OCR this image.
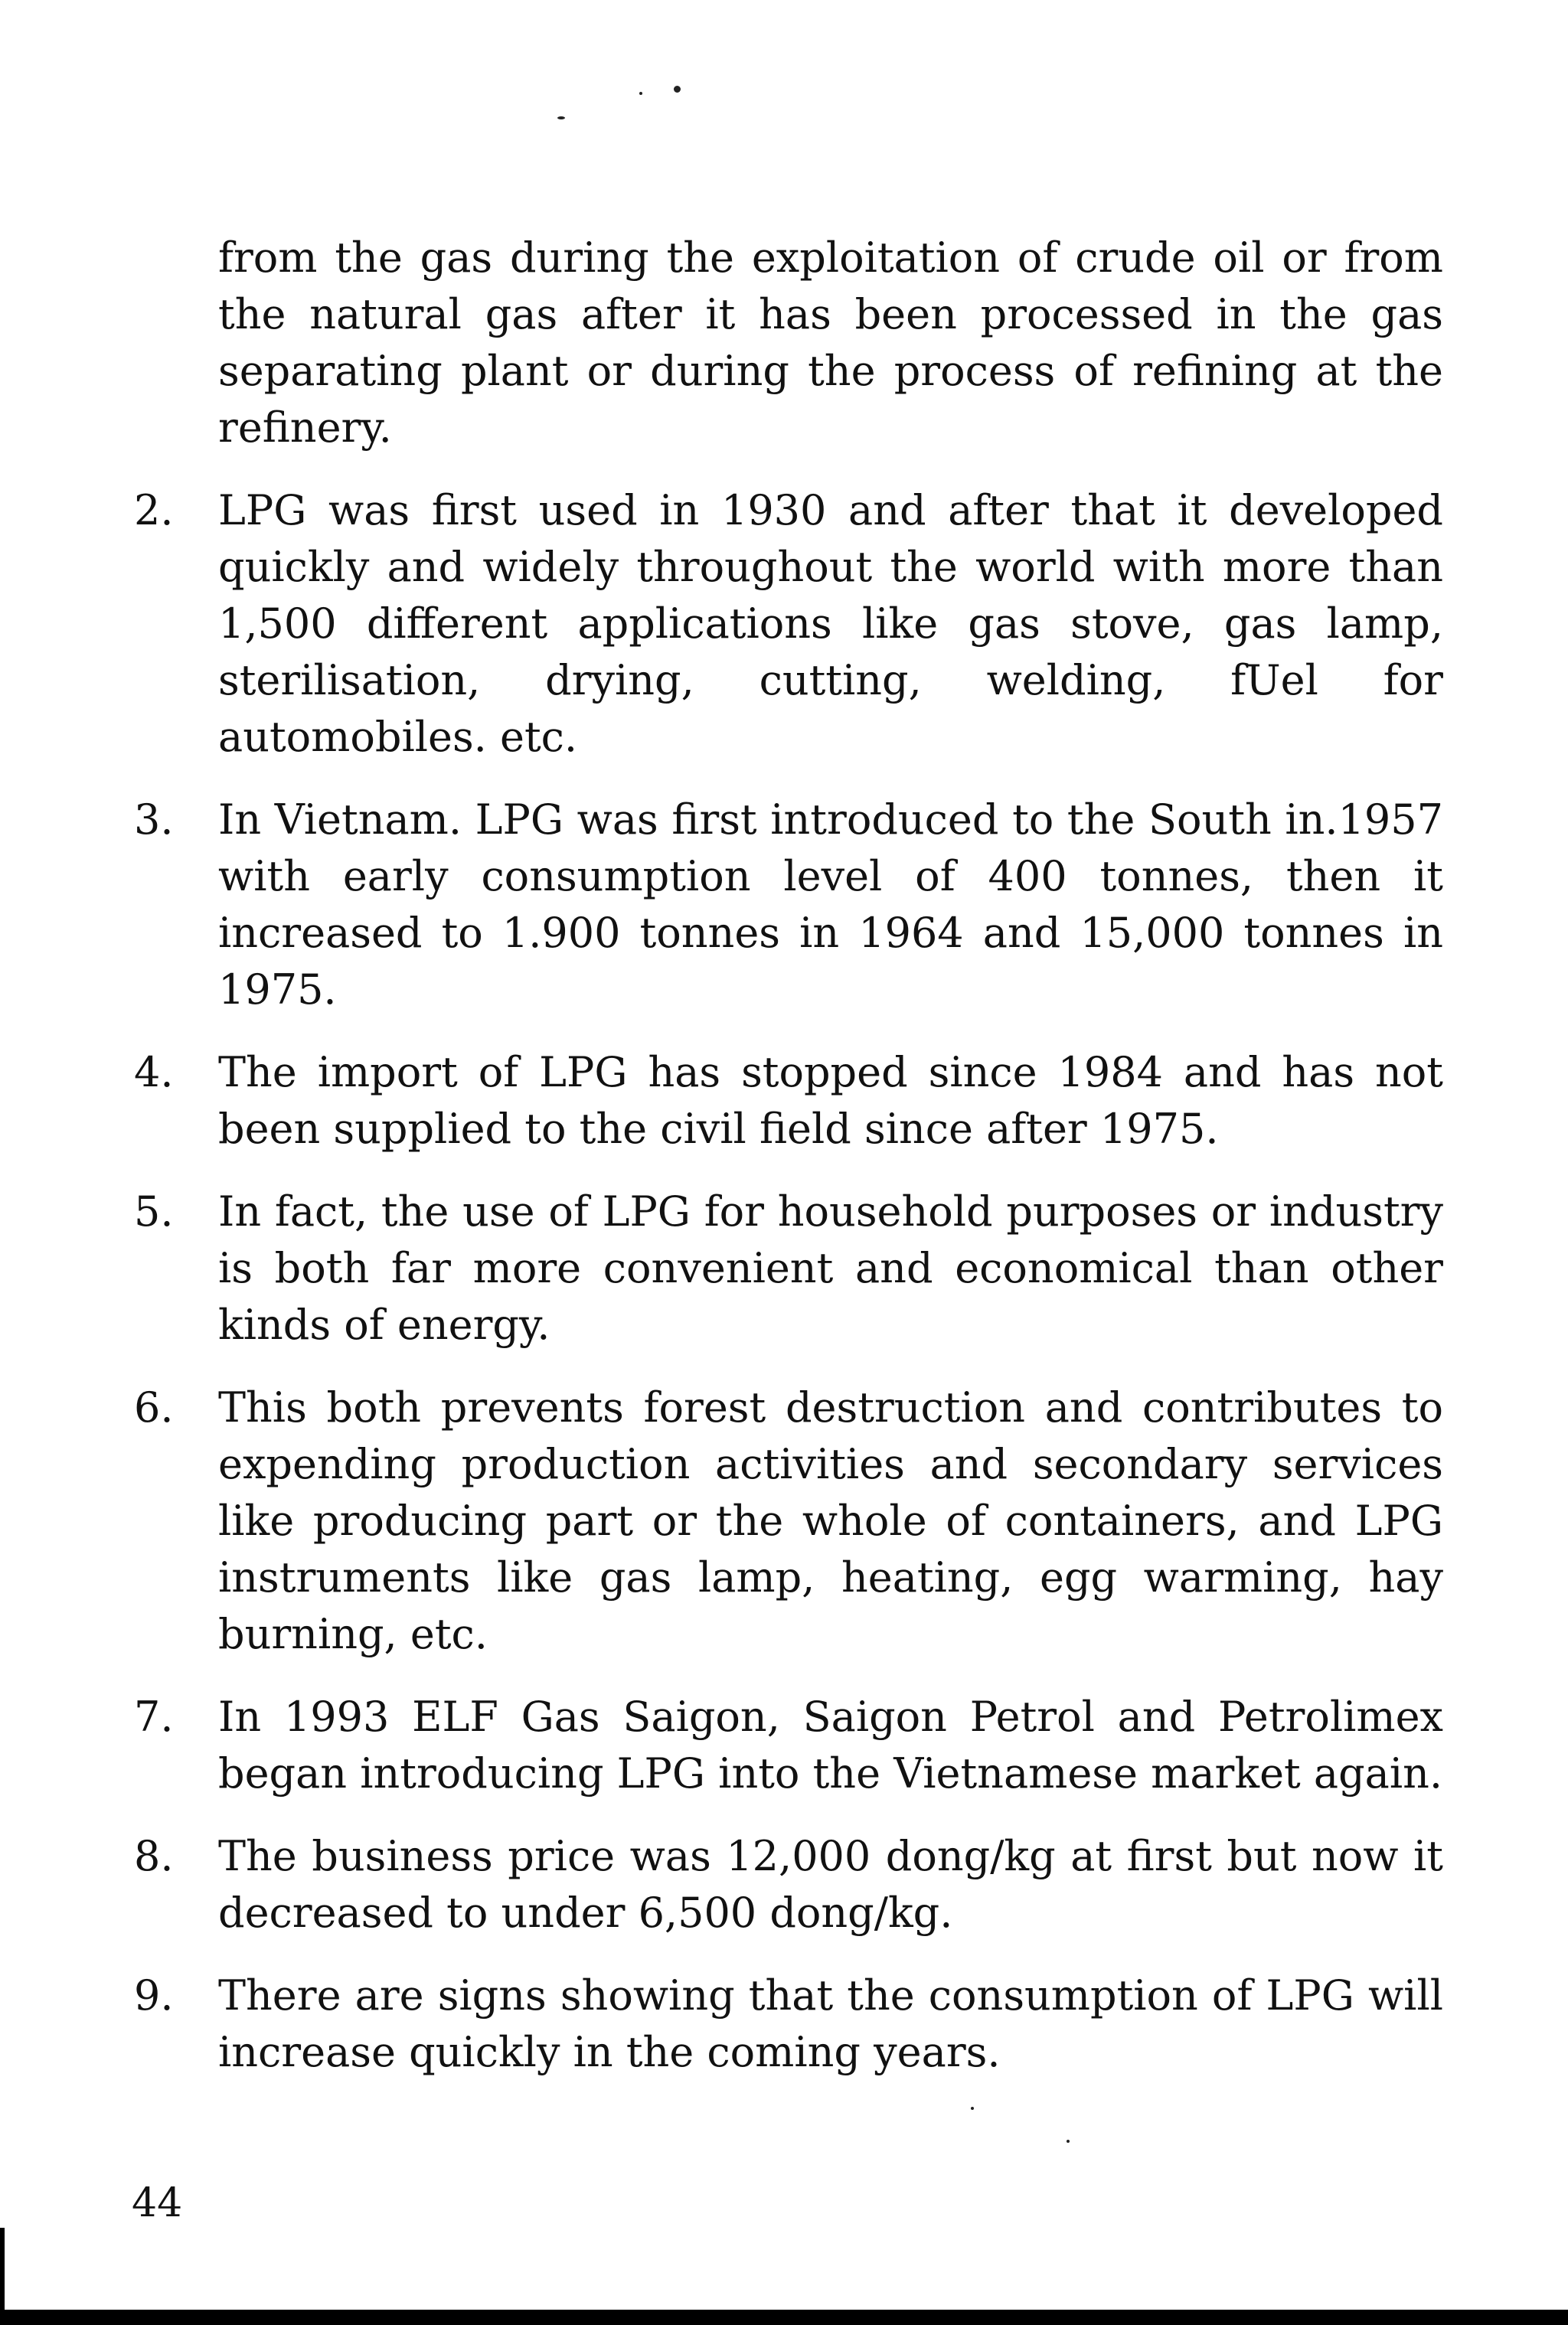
from the gas during the exploitation of crude oil or from the natural gas after it has been processed in the gas separating plant or during the process of refining at the refinery.

2.	LPG was first used in 1930 and after that it developed quickly and widely throughout the world with more than 1,500 different applications like gas stove, gas lamp, sterilisation, drying, cutting, welding, fUel for automobiles. etc.
3.	In Vietnam. LPG was first introduced to the South in.1957 with early consumption level of 400 tonnes, then it increased to 1.900 tonnes in 1964 and 15,000 tonnes in 1975.
4.	The import of LPG has stopped since 1984 and has not been supplied to the civil field since after 1975.
5.	In fact, the use of LPG for household purposes or industry is both far more convenient and economical than other kinds of energy.
6.	This both prevents forest destruction and contributes to expending production activities and secondary services like producing part or the whole of containers, and LPG instruments like gas lamp, heating, egg warming, hay burning, etc.
7.	In 1993 ELF Gas Saigon, Saigon Petrol and Petrolimex began introducing LPG into the Vietnamese market again.
8.	The business price was 12,000 dong/kg at first but now it decreased to under 6,500 dong/kg.
9.	There are signs showing that the consumption of LPG will increase quickly in the coming years.
44
